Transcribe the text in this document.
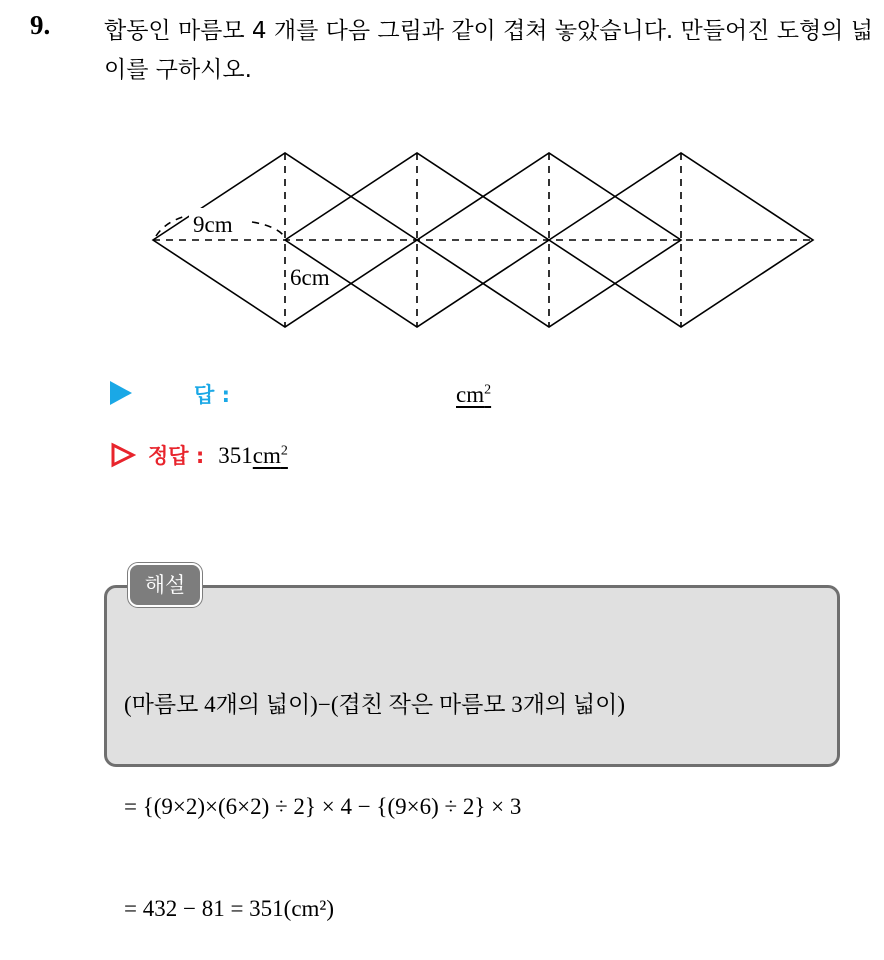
9. 합동인 마름모 4 개를 다음 그림과 같이 겹쳐 놓았습니다. 만들어진 도형의 넓이를 구하시오.
9cm
6cm
답 :	$cm^2$
정답 : 351 $cm^2$
해설

(마름모 4개의 넓이)−(겹친 작은 마름모 3개의 넓이)

= {(9×2)×(6×2) ÷ 2} × 4 − {(9×6) ÷ 2} × 3

= 432 − 81 = 351(cm²)
